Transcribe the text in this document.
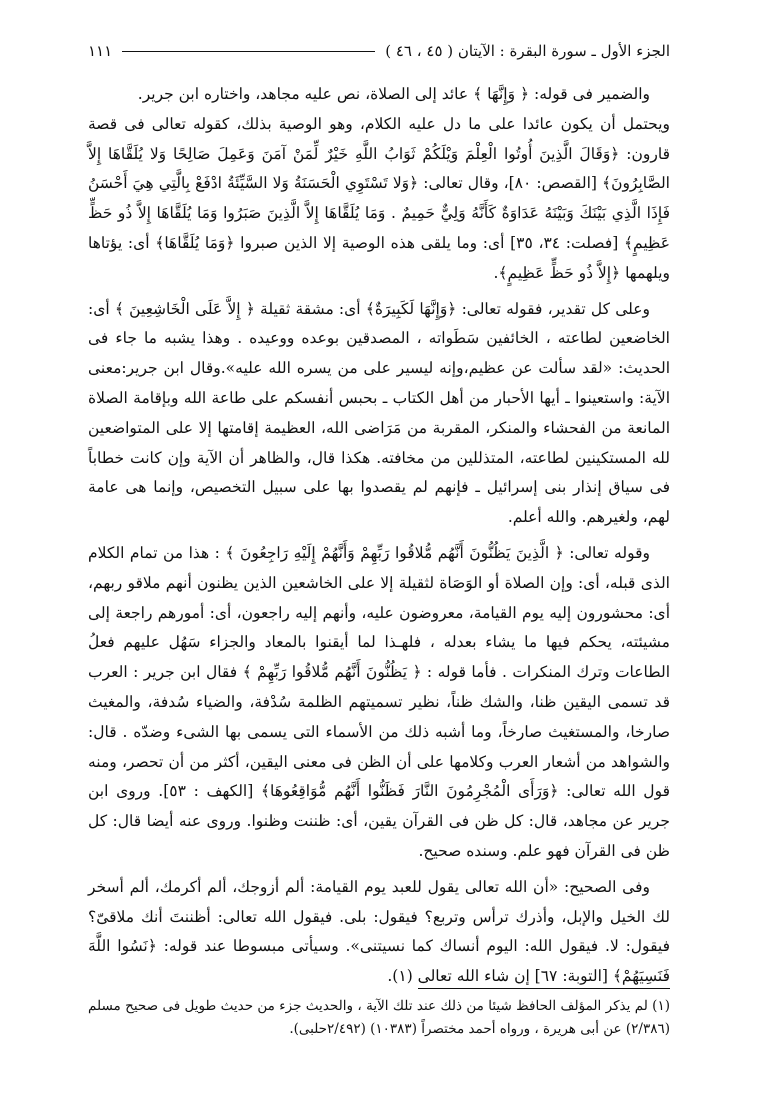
الجزء الأول ـ سورة البقرة : الآيتان ( ٤٥ ، ٤٦ )
١١١

والضمير فى قوله: ﴿ وَإِنَّهَا ﴾ عائد إلى الصلاة، نص عليه مجاهد، واختاره ابن جرير.

ويحتمل أن يكون عائدا على ما دل عليه الكلام، وهو الوصية بذلك، كقوله تعالى فى قصة قارون: ﴿وَقَالَ الَّذِينَ أُوتُوا الْعِلْمَ وَيْلَكُمْ ثَوَابُ اللَّهِ خَيْرٌ لِّمَنْ آمَنَ وَعَمِلَ صَالِحًا وَلا يُلَقَّاهَا إِلاَّ الصَّابِرُونَ﴾ [القصص: ٨٠]، وقال تعالى: ﴿وَلا تَسْتَوِي الْحَسَنَةُ وَلا السَّيِّئَةُ ادْفَعْ بِالَّتِي هِيَ أَحْسَنُ فَإِذَا الَّذِي بَيْنَكَ وَبَيْنَهُ عَدَاوَةٌ كَأَنَّهُ وَلِيٌّ حَمِيمٌ . وَمَا يُلَقَّاهَا إِلاَّ الَّذِينَ صَبَرُوا وَمَا يُلَقَّاهَا إِلاَّ ذُو حَظٍّ عَظِيمٍ﴾ [فصلت: ٣٤، ٣٥] أى: وما يلقى هذه الوصية إلا الذين صبروا ﴿وَمَا يُلَقَّاهَا﴾ أى: يؤتاها ويلهمها ﴿إِلاَّ ذُو حَظٍّ عَظِيمٍ﴾.

وعلى كل تقدير، فقوله تعالى: ﴿وَإِنَّهَا لَكَبِيرَةٌ﴾ أى: مشقة ثقيلة ﴿ إِلاَّ عَلَى الْخَاشِعِينَ ﴾ أى: الخاضعين لطاعته ، الخائفين سَطَواته ، المصدقين بوعده ووعيده . وهذا يشبه ما جاء فى الحديث: «لقد سألت عن عظيم،وإنه ليسير على من يسره الله عليه».وقال ابن جرير:معنى الآية: واستعينوا ـ أيها الأحبار من أهل الكتاب ـ بحبس أنفسكم على طاعة الله وبإقامة الصلاة المانعة من الفحشاء والمنكر، المقربة من مَرَاضى الله، العظيمة إقامتها إلا على المتواضعين لله المستكينين لطاعته، المتذللين من مخافته. هكذا قال، والظاهر أن الآية وإن كانت خطاباً فى سياق إنذار بنى إسرائيل ـ فإنهم لم يقصدوا بها على سبيل التخصيص، وإنما هى عامة لهم، ولغيرهم. والله أعلم.

وقوله تعالى: ﴿ الَّذِينَ يَظُنُّونَ أَنَّهُم مُّلاقُوا رَبِّهِمْ وَأَنَّهُمْ إِلَيْهِ رَاجِعُونَ ﴾ : هذا من تمام الكلام الذى قبله، أى: وإن الصلاة أو الوَصَاة لثقيلة إلا على الخاشعين الذين يظنون أنهم ملاقو ربهم، أى: محشورون إليه يوم القيامة، معروضون عليه، وأنهم إليه راجعون، أى: أمورهم راجعة إلى مشيئته، يحكم فيها ما يشاء بعدله ، فلهـذا لما أيقنوا بالمعاد والجزاء سَهُل عليهم فعلُ الطاعات وترك المنكرات . فأما قوله : ﴿ يَظُنُّونَ أَنَّهُم مُّلاقُوا رَبِّهِمْ ﴾ فقال ابن جرير : العرب قد تسمى اليقين ظنا، والشك ظناً، نظير تسميتهم الظلمة سُدْفة، والضياء سُدفة، والمغيث صارخا، والمستغيث صارخاً، وما أشبه ذلك من الأسماء التى يسمى بها الشىء وضدّه . قال: والشواهد من أشعار العرب وكلامها على أن الظن فى معنى اليقين، أكثر من أن تحصر، ومنه قول الله تعالى: ﴿وَرَأَى الْمُجْرِمُونَ النَّارَ فَظَنُّوا أَنَّهُم مُّوَاقِعُوهَا﴾ [الكهف : ٥٣]. وروى ابن جرير عن مجاهد، قال: كل ظن فى القرآن يقين، أى: ظننت وظنوا. وروى عنه أيضا قال: كل ظن فى القرآن فهو علم. وسنده صحيح.

وفى الصحيح: «أن الله تعالى يقول للعبد يوم القيامة: ألم أزوجك، ألم أكرمك، ألم أسخر لك الخيل والإبل، وأذرك ترأس وتربع؟ فيقول: بلى. فيقول الله تعالى: أظننتَ أنك ملاقىّ؟ فيقول: لا. فيقول الله: اليوم أنساك كما نسيتنى». وسيأتى مبسوطا عند قوله: ﴿نَسُوا اللَّهَ فَنَسِيَهُمْ﴾ [التوبة: ٦٧] إن شاء الله تعالى (١).

(١) لم يذكر المؤلف الحافظ شيئا من ذلك عند تلك الآية ، والحديث جزء من حديث طويل فى صحيح مسلم (٢/٣٨٦) عن أبى هريرة ، ورواه أحمد مختصراً (١٠٣٨٣) (٢/٤٩٢حلبى).
